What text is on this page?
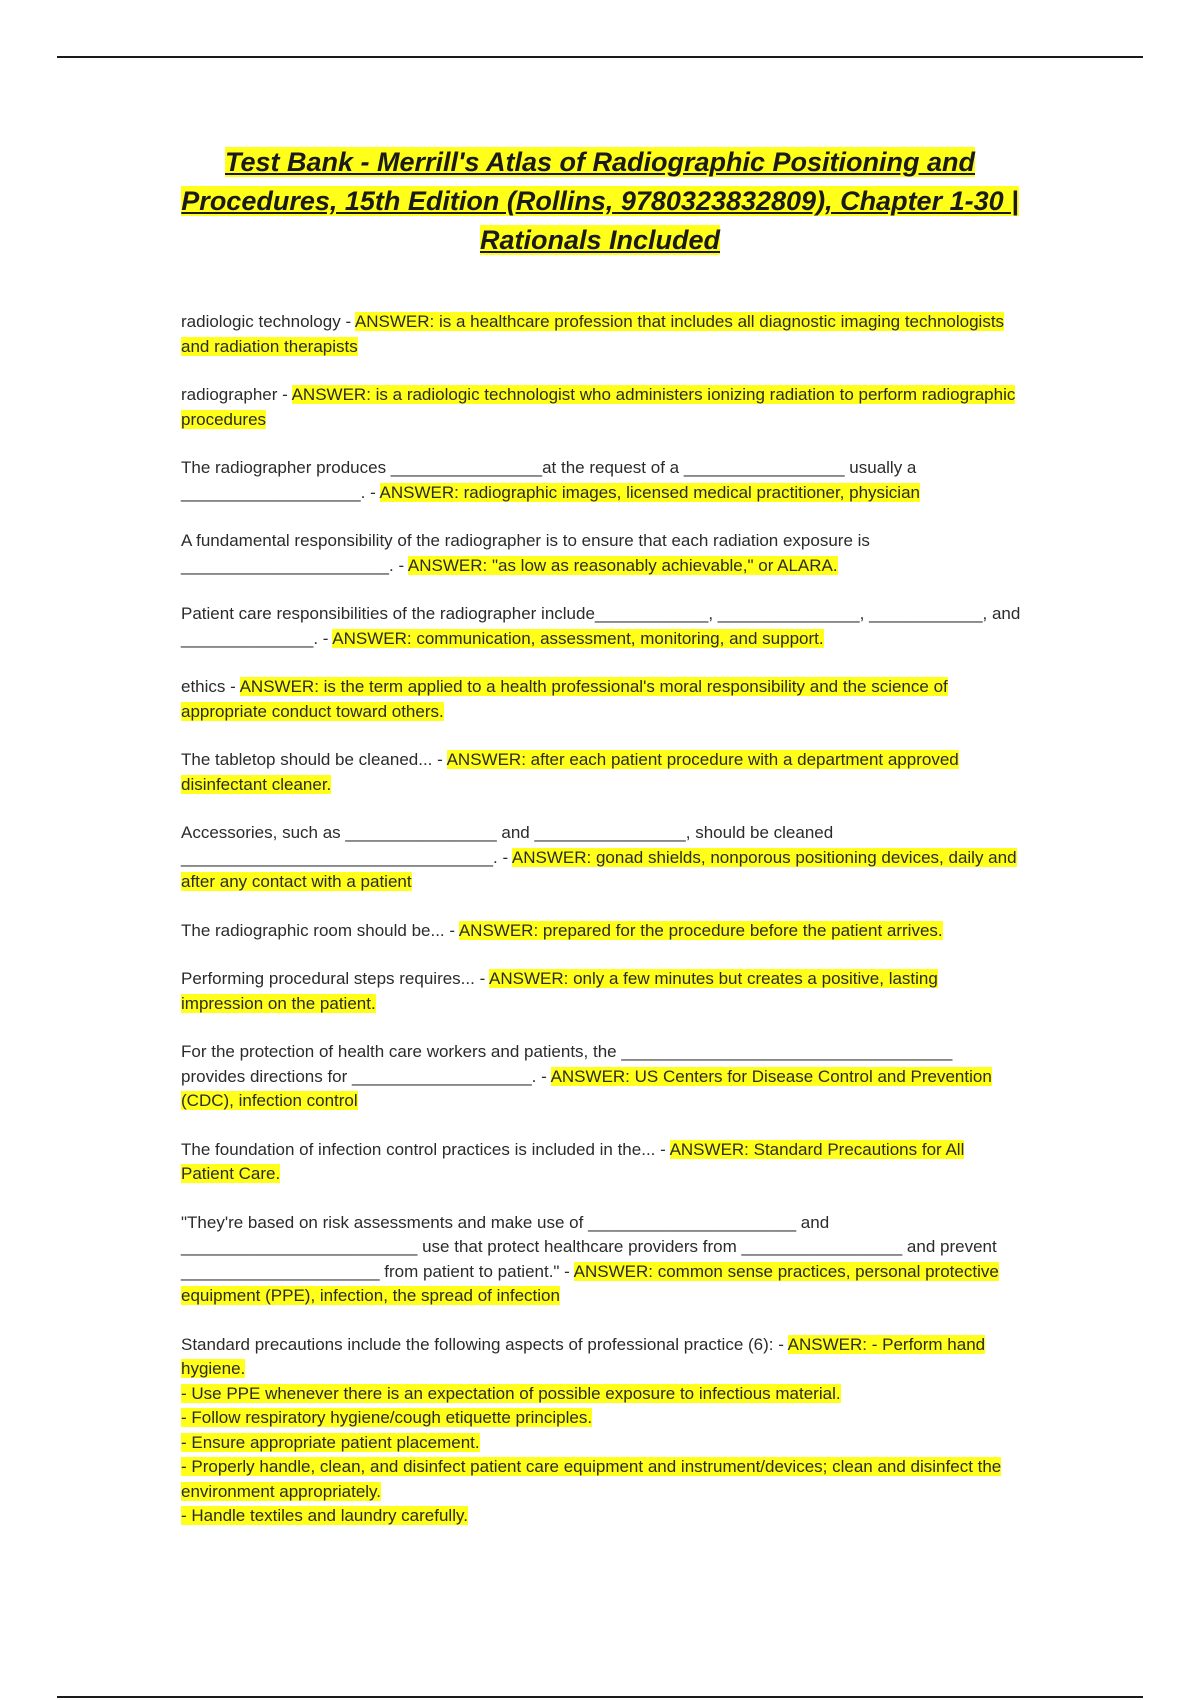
Test Bank - Merrill's Atlas of Radiographic Positioning and Procedures, 15th Edition (Rollins, 9780323832809), Chapter 1-30 | Rationals Included
radiologic technology - ANSWER: is a healthcare profession that includes all diagnostic imaging technologists and radiation therapists
radiographer - ANSWER: is a radiologic technologist who administers ionizing radiation to perform radiographic procedures
The radiographer produces ________________at the request of a _________________ usually a ___________________. - ANSWER: radiographic images, licensed medical practitioner, physician
A fundamental responsibility of the radiographer is to ensure that each radiation exposure is ______________________. - ANSWER: "as low as reasonably achievable," or ALARA.
Patient care responsibilities of the radiographer include____________, _______________, ____________, and ______________. - ANSWER: communication, assessment, monitoring, and support.
ethics - ANSWER: is the term applied to a health professional's moral responsibility and the science of appropriate conduct toward others.
The tabletop should be cleaned... - ANSWER: after each patient procedure with a department approved disinfectant cleaner.
Accessories, such as ________________ and ________________, should be cleaned _________________________________. - ANSWER: gonad shields, nonporous positioning devices, daily and after any contact with a patient
The radiographic room should be... - ANSWER: prepared for the procedure before the patient arrives.
Performing procedural steps requires... - ANSWER: only a few minutes but creates a positive, lasting impression on the patient.
For the protection of health care workers and patients, the ___________________________________ provides directions for ___________________. - ANSWER: US Centers for Disease Control and Prevention (CDC), infection control
The foundation of infection control practices is included in the... - ANSWER: Standard Precautions for All Patient Care.
"They're based on risk assessments and make use of ______________________ and _________________________ use that protect healthcare providers from _________________ and prevent _____________________ from patient to patient." - ANSWER: common sense practices, personal protective equipment (PPE), infection, the spread of infection
Standard precautions include the following aspects of professional practice (6): - ANSWER: - Perform hand hygiene.
- Use PPE whenever there is an expectation of possible exposure to infectious material.
- Follow respiratory hygiene/cough etiquette principles.
- Ensure appropriate patient placement.
- Properly handle, clean, and disinfect patient care equipment and instrument/devices; clean and disinfect the environment appropriately.
- Handle textiles and laundry carefully.
